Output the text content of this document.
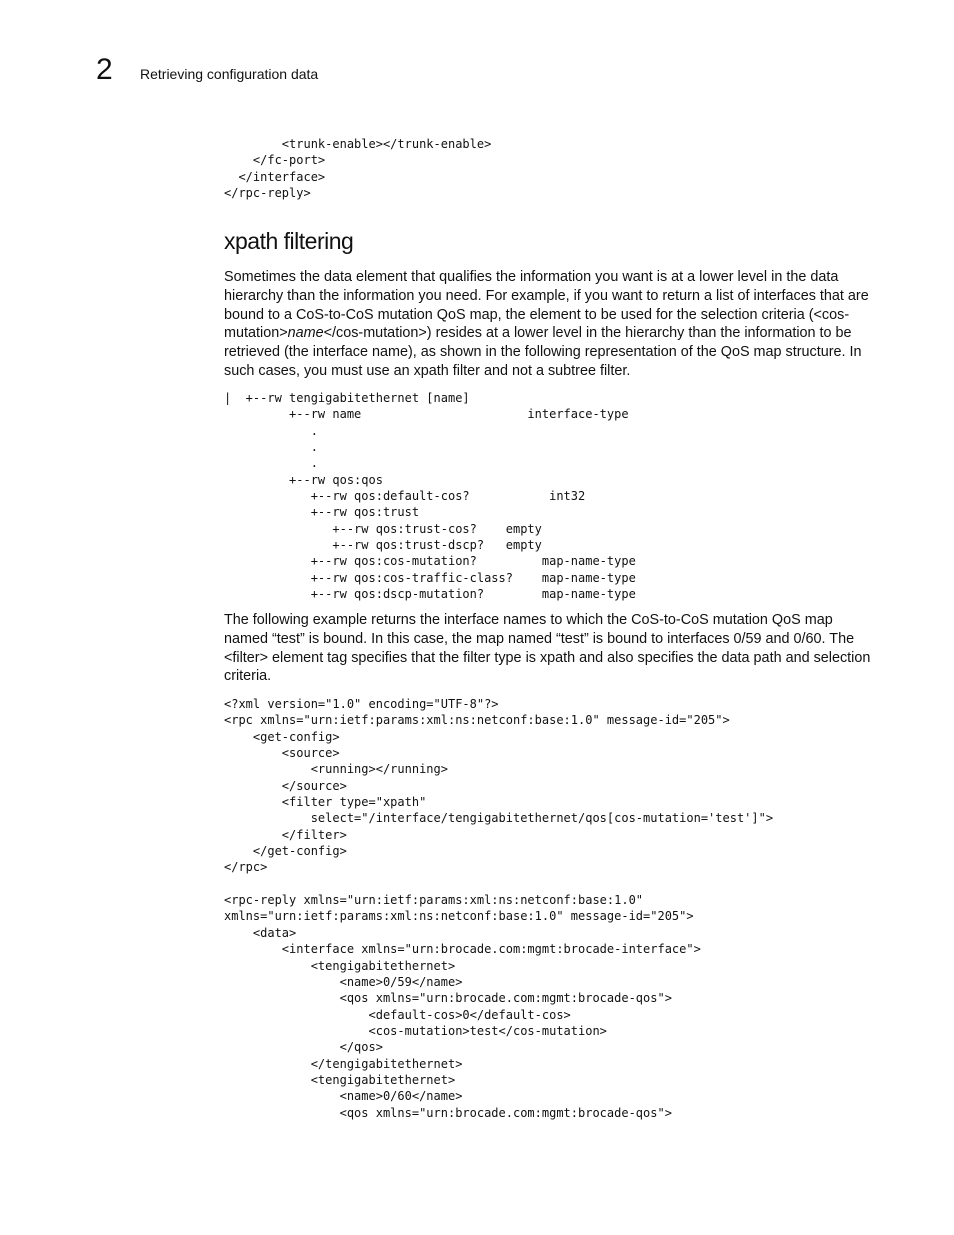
2 Retrieving configuration data
<trunk-enable></trunk-enable>
</fc-port>
</interface>
</rpc-reply>
xpath filtering

Sometimes the data element that qualifies the information you want is at a lower level in the data hierarchy than the information you need. For example, if you want to return a list of interfaces that are bound to a CoS-to-CoS mutation QoS map, the element to be used for the selection criteria (<cos-mutation>name</cos-mutation>) resides at a lower level in the hierarchy than the information to be retrieved (the interface name), as shown in the following representation of the QoS map structure. In such cases, you must use an xpath filter and not a subtree filter.

|  +--rw tengigabitethernet [name]
+--rw name                       interface-type
.
.
.
+--rw qos:qos
+--rw qos:default-cos?           int32
+--rw qos:trust
+--rw qos:trust-cos?    empty
+--rw qos:trust-dscp?   empty
+--rw qos:cos-mutation?         map-name-type
+--rw qos:cos-traffic-class?    map-name-type
+--rw qos:dscp-mutation?        map-name-type

The following example returns the interface names to which the CoS-to-CoS mutation QoS map named “test” is bound. In this case, the map named “test” is bound to interfaces 0/59 and 0/60. The <filter> element tag specifies that the filter type is xpath and also specifies the data path and selection criteria.

<?xml version="1.0" encoding="UTF-8"?>
<rpc xmlns="urn:ietf:params:xml:ns:netconf:base:1.0" message-id="205">
<get-config>
<source>
<running></running>
</source>
<filter type="xpath"
select="/interface/tengigabitethernet/qos[cos-mutation='test']">
</filter>
</get-config>
</rpc>

<rpc-reply xmlns="urn:ietf:params:xml:ns:netconf:base:1.0"
xmlns="urn:ietf:params:xml:ns:netconf:base:1.0" message-id="205">
<data>
<interface xmlns="urn:brocade.com:mgmt:brocade-interface">
<tengigabitethernet>
<name>0/59</name>
<qos xmlns="urn:brocade.com:mgmt:brocade-qos">
<default-cos>0</default-cos>
<cos-mutation>test</cos-mutation>
</qos>
</tengigabitethernet>
<tengigabitethernet>
<name>0/60</name>
<qos xmlns="urn:brocade.com:mgmt:brocade-qos">
